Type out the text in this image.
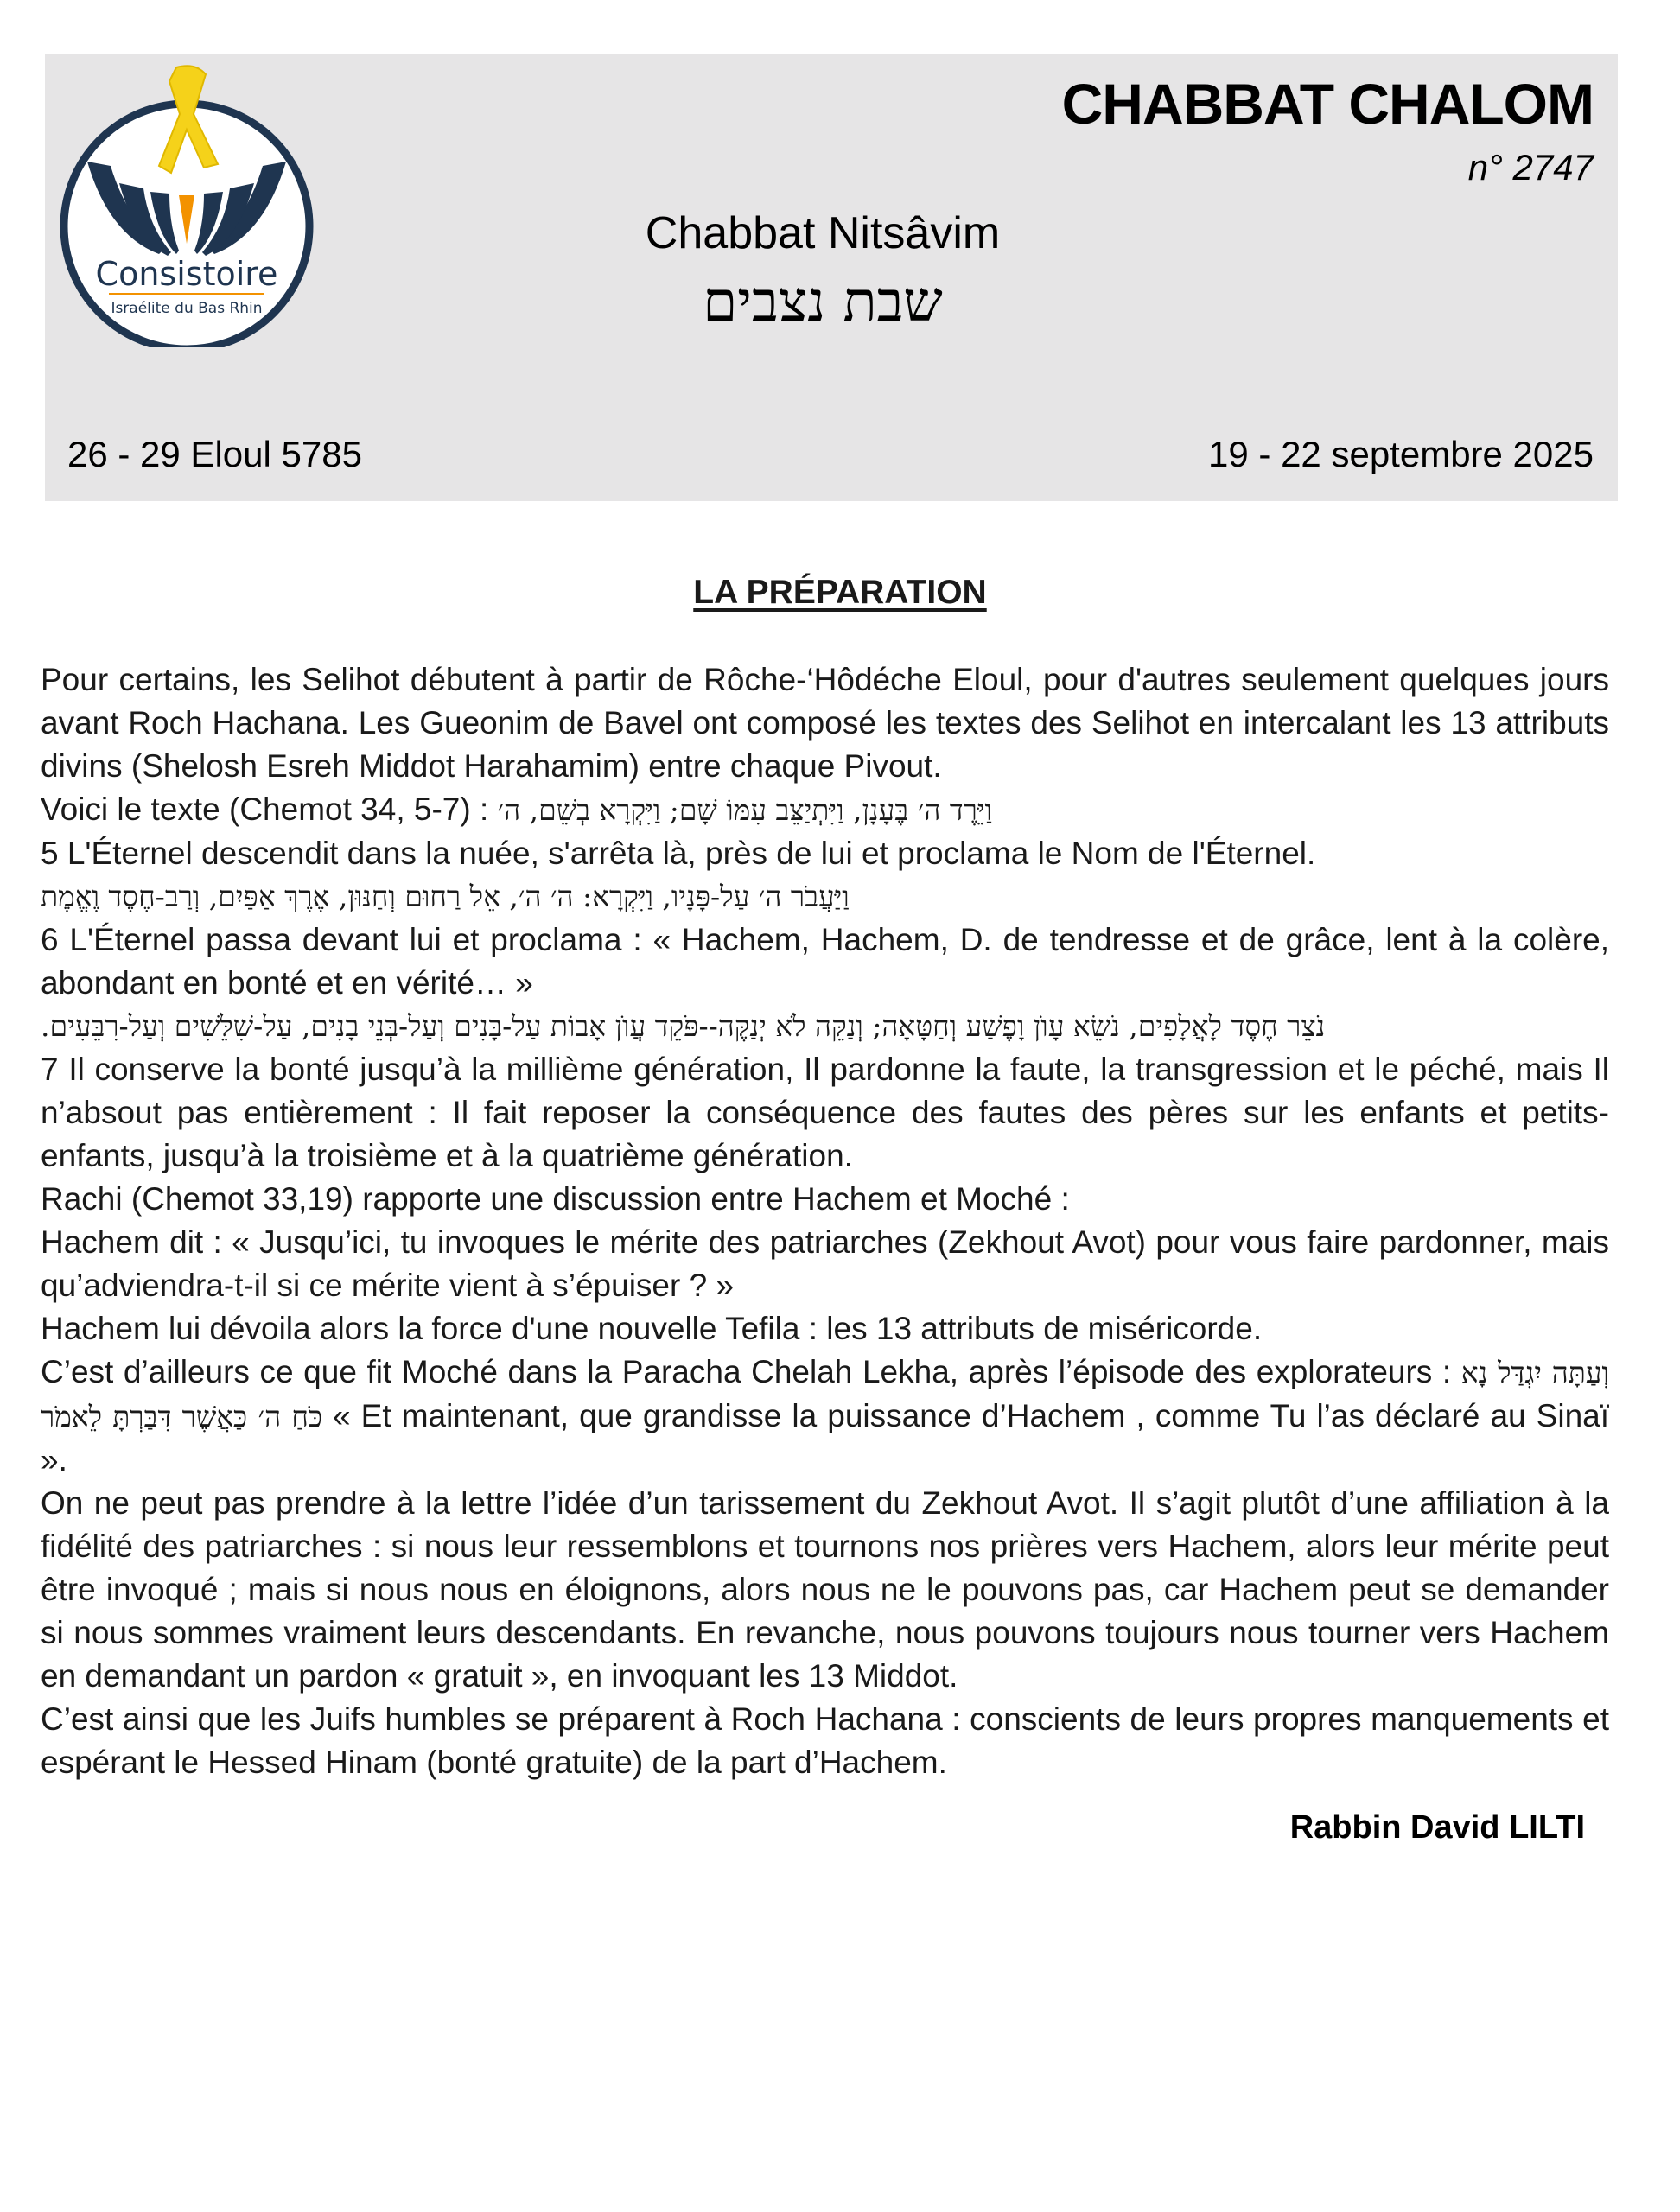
Consistoire
Israélite du Bas Rhin
CHABBAT CHALOM
n° 2747
Chabbat Nitsâvim
שבת נצבים
26 - 29 Eloul 5785	19 - 22 septembre 2025
LA PRÉPARATION

Pour certains, les Selihot débutent à partir de Rôche-‘Hôdéche Eloul, pour d'autres seulement quelques jours avant Roch Hachana. Les Gueonim de Bavel ont composé les textes des Selihot en intercalant les 13 attributs divins (Shelosh Esreh Middot Harahamim) entre chaque Pivout.

Voici le texte (Chemot 34, 5-7) : וַיֵּרֶד ה׳ בֶּעָנָן, וַיִּתְיַצֵּב עִמּוֹ שָׁם; וַיִּקְרָא בְשֵׁם, ה׳

5 L'Éternel descendit dans la nuée, s'arrêta là, près de lui et proclama le Nom de l'Éternel.

וַיַּעֲבֹר ה׳ עַל-פָּנָיו, וַיִּקְרָא: ה׳ ה׳, אֵל רַחוּם וְחַנּוּן, אֶרֶךְ אַפַּיִם, וְרַב-חֶסֶד וֶאֱמֶת

6 L'Éternel passa devant lui et proclama : « Hachem, Hachem, D. de tendresse et de grâce, lent à la colère, abondant en bonté et en vérité… »

נֹצֵר חֶסֶד לָאֲלָפִים, נֹשֵׂא עָוֺן וָפֶשַׁע וְחַטָּאָה; וְנַקֵּה לֹא יְנַקֶּה--פֹּקֵד עֲוֺן אָבוֹת עַל-בָּנִים וְעַל-בְּנֵי בָנִים, עַל-שִׁלֵּשִׁים וְעַל-רִבֵּעִים.

7 Il conserve la bonté jusqu’à la millième génération, Il pardonne la faute, la transgression et le péché, mais Il n’absout pas entièrement : Il fait reposer la conséquence des fautes des pères sur les enfants et petits-enfants, jusqu’à la troisième et à la quatrième génération.

Rachi (Chemot 33,19) rapporte une discussion entre Hachem et Moché :

Hachem dit : « Jusqu’ici, tu invoques le mérite des patriarches (Zekhout Avot) pour vous faire pardonner, mais qu’adviendra-t-il si ce mérite vient à s’épuiser ? »

Hachem lui dévoila alors la force d'une nouvelle Tefila : les 13 attributs de miséricorde.

C’est d’ailleurs ce que fit Moché dans la Paracha Chelah Lekha, après l’épisode des explorateurs : וְעַתָּה יִגְדַּל נָא כֹּחַ ה׳ כַּאֲשֶׁר דִּבַּרְתָּ לֵאמֹר « Et maintenant, que grandisse la puissance d’Hachem , comme Tu l’as déclaré au Sinaï ».

On ne peut pas prendre à la lettre l’idée d’un tarissement du Zekhout Avot. Il s’agit plutôt d’une affiliation à la fidélité des patriarches : si nous leur ressemblons et tournons nos prières vers Hachem, alors leur mérite peut être invoqué ; mais si nous nous en éloignons, alors nous ne le pouvons pas, car Hachem peut se demander si nous sommes vraiment leurs descendants. En revanche, nous pouvons toujours nous tourner vers Hachem en demandant un pardon « gratuit », en invoquant les 13 Middot.

C’est ainsi que les Juifs humbles se préparent à Roch Hachana : conscients de leurs propres manquements et espérant le Hessed Hinam (bonté gratuite) de la part d’Hachem.

Rabbin David LILTI
